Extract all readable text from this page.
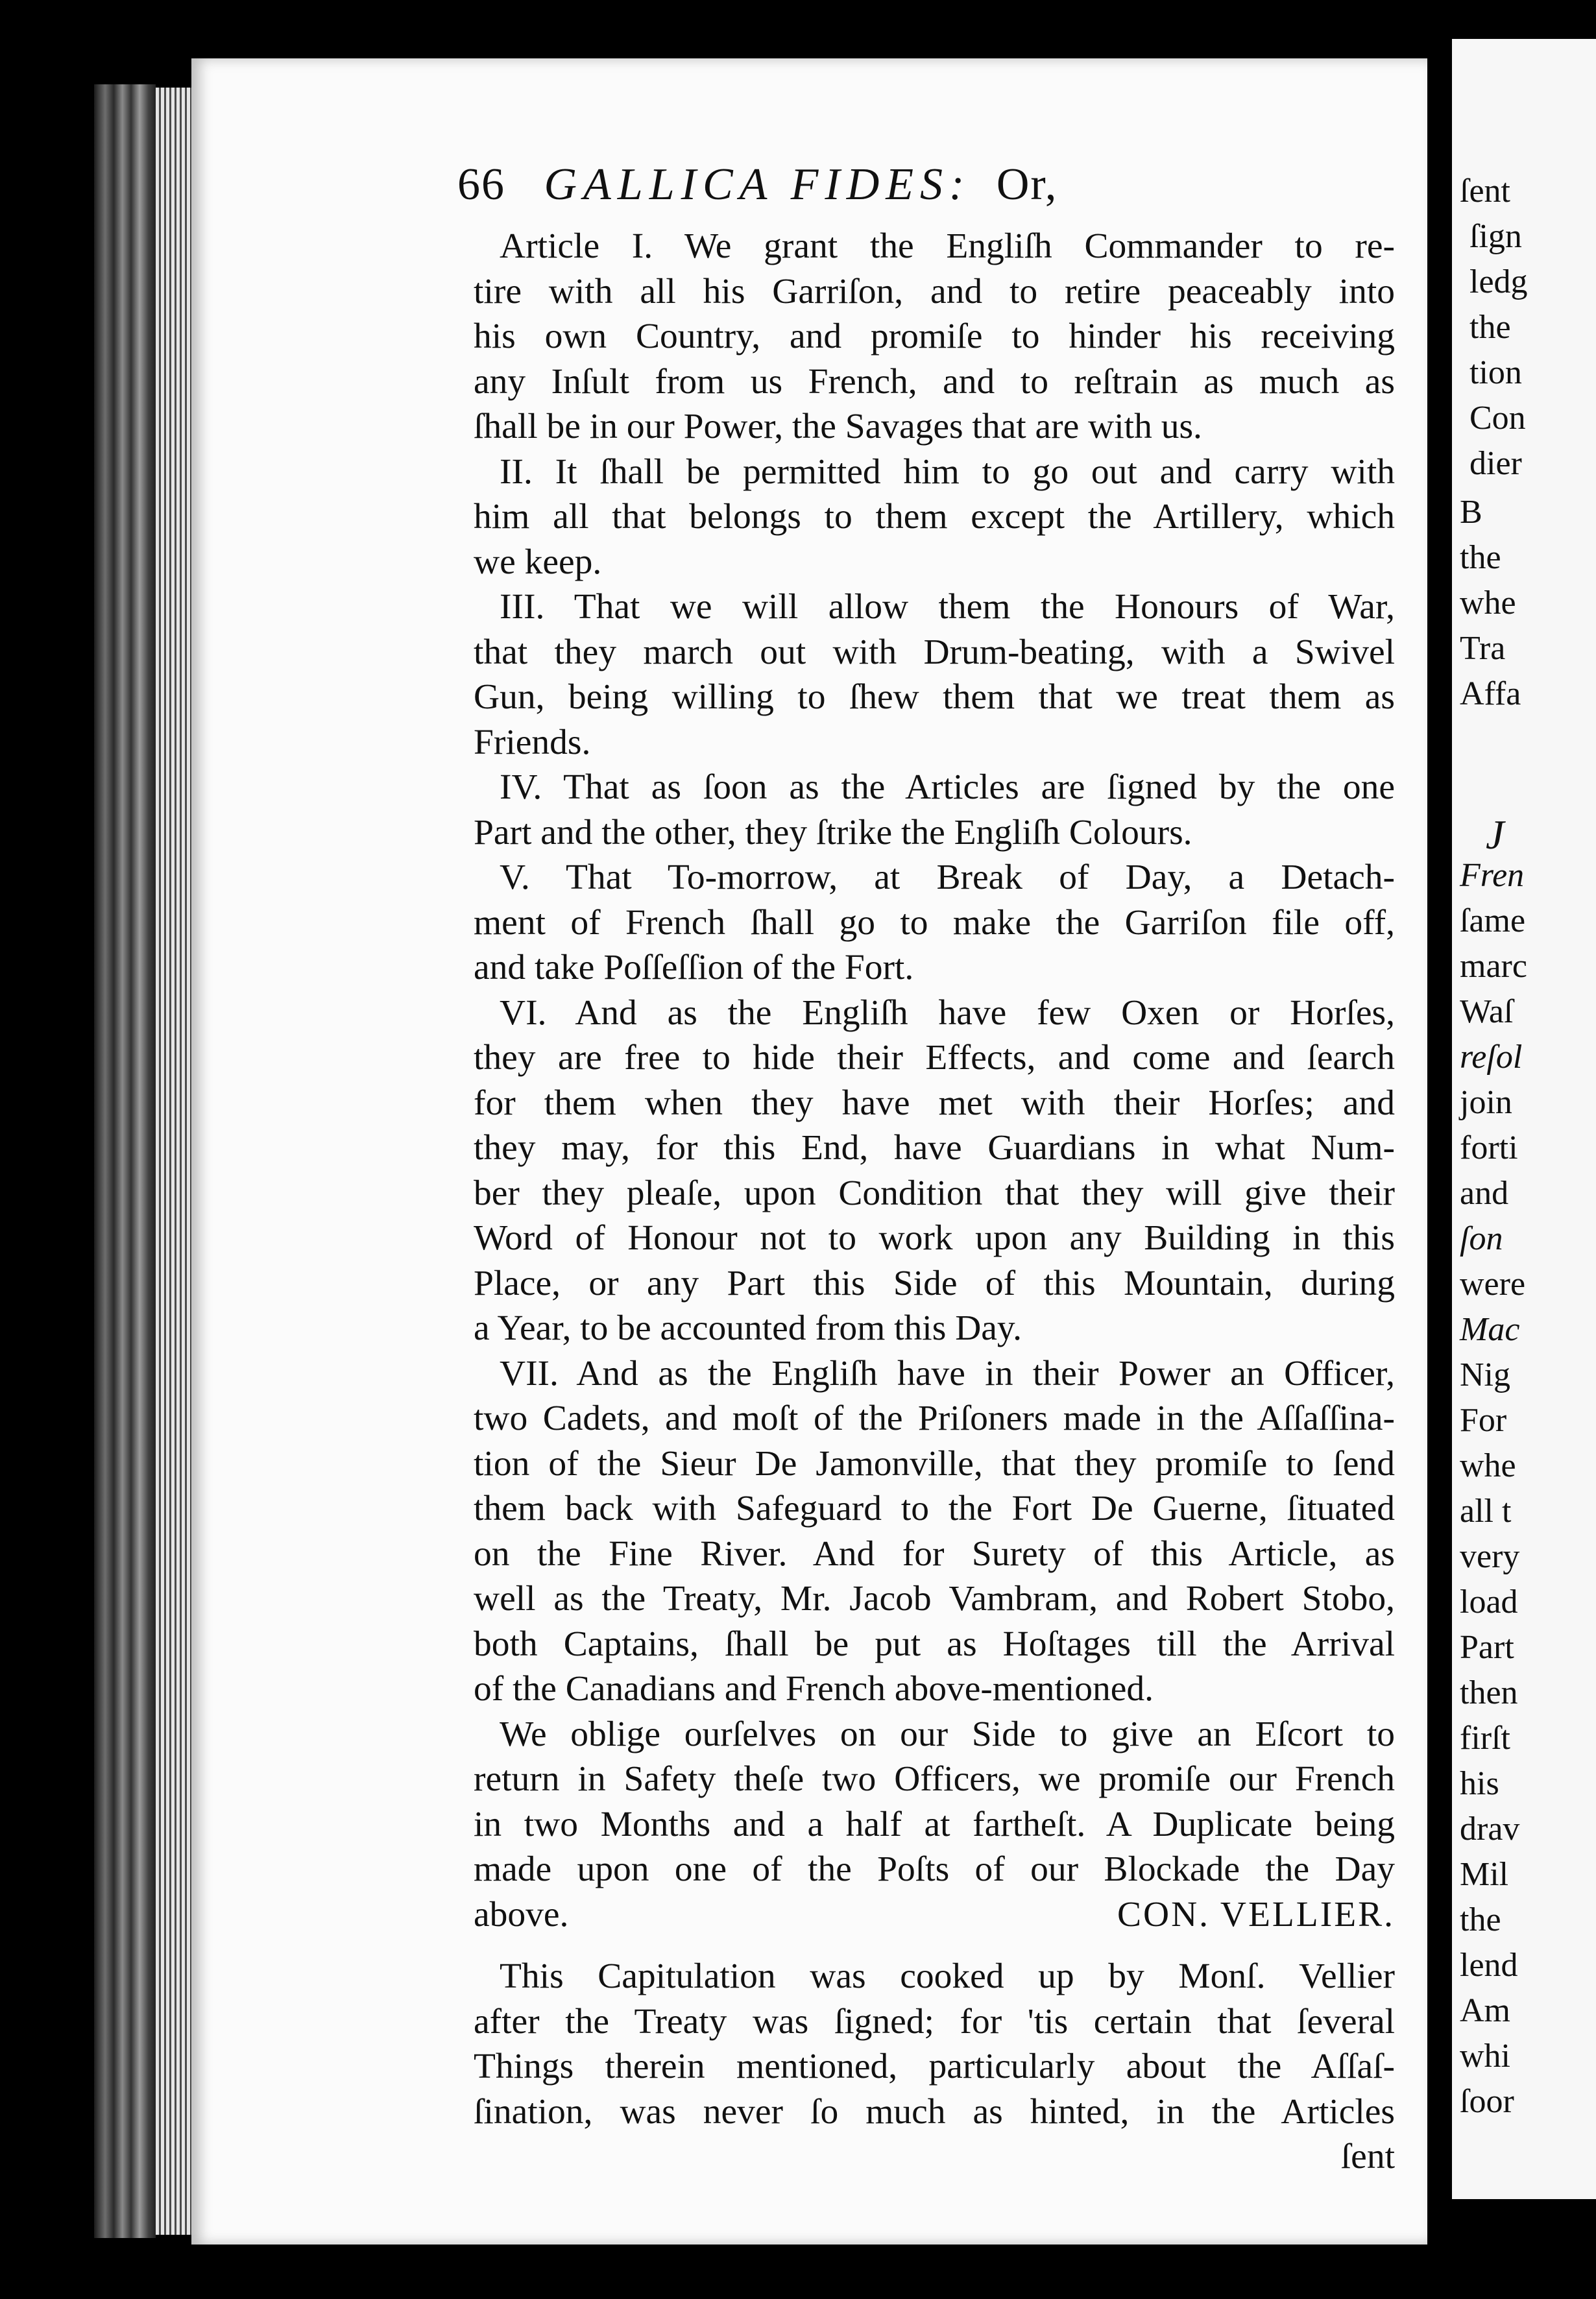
66 GALLICA FIDES: Or,
Article I. We grant the Engliſh Commander to re-
tire with all his Garriſon, and to retire peaceably into
his own Country, and promiſe to hinder his receiving
any Inſult from us French, and to reſtrain as much as
ſhall be in our Power, the Savages that are with us.
II. It ſhall be permitted him to go out and carry with
him all that belongs to them except the Artillery, which
we keep.
III. That we will allow them the Honours of War,
that they march out with Drum-beating, with a Swivel
Gun, being willing to ſhew them that we treat them as
Friends.
IV. That as ſoon as the Articles are ſigned by the one
Part and the other, they ſtrike the Engliſh Colours.
V. That To-morrow, at Break of Day, a Detach-
ment of French ſhall go to make the Garriſon file off,
and take Poſſeſſion of the Fort.
VI. And as the Engliſh have few Oxen or Horſes,
they are free to hide their Effects, and come and ſearch
for them when they have met with their Horſes; and
they may, for this End, have Guardians in what Num-
ber they pleaſe, upon Condition that they will give their
Word of Honour not to work upon any Building in this
Place, or any Part this Side of this Mountain, during
a Year, to be accounted from this Day.
VII. And as the Engliſh have in their Power an Officer,
two Cadets, and moſt of the Priſoners made in the Aſſaſſina-
tion of the Sieur De Jamonville, that they promiſe to ſend
them back with Safeguard to the Fort De Guerne, ſituated
on the Fine River. And for Surety of this Article, as
well as the Treaty, Mr. Jacob Vambram, and Robert Stobo,
both Captains, ſhall be put as Hoſtages till the Arrival
of the Canadians and French above-mentioned.
We oblige ourſelves on our Side to give an Eſcort to
return in Safety theſe two Officers, we promiſe our French
in two Months and a half at fartheſt. A Duplicate being
made upon one of the Poſts of our Blockade the Day
above.	CON. VELLIER.
This Capitulation was cooked up by Monſ. Vellier
after the Treaty was ſigned; for 'tis certain that ſeveral
Things therein mentioned, particularly about the Aſſaſ-
ſination, was never ſo much as hinted, in the Articles
ſent
ſent
ſign
ledg
the
tion
Con
dier
B
the
whe
Tra
Affa
J
Fren
ſame
marc
Waſ
reſol
join
forti
and
ſon
were
Mac
Nig
For
whe
all t
very
load
Part
then
firſt
his
drav
Mil
the
lend
Am
whi
ſoor
